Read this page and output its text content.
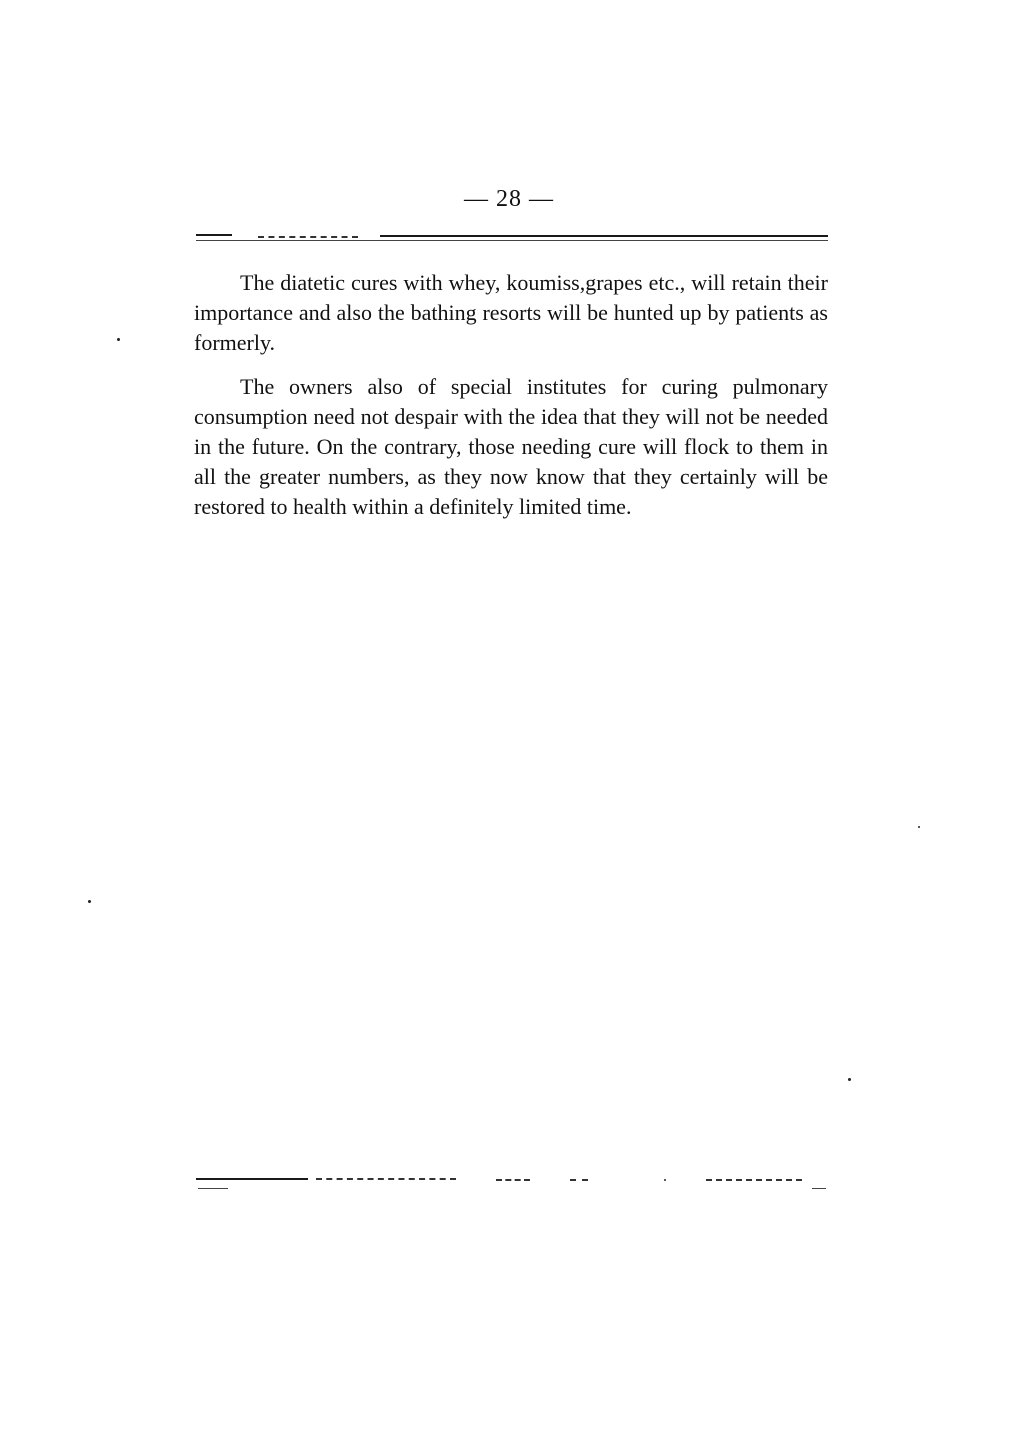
— 28 —

The diatetic cures with whey, koumiss,grapes etc., will retain their importance and also the bathing resorts will be hunted up by patients as formerly.

The owners also of special institutes for curing pulmonary consumption need not despair with the idea that they will not be needed in the future. On the contrary, those needing cure will flock to them in all the greater numbers, as they now know that they certainly will be restored to health within a definitely limited time.
